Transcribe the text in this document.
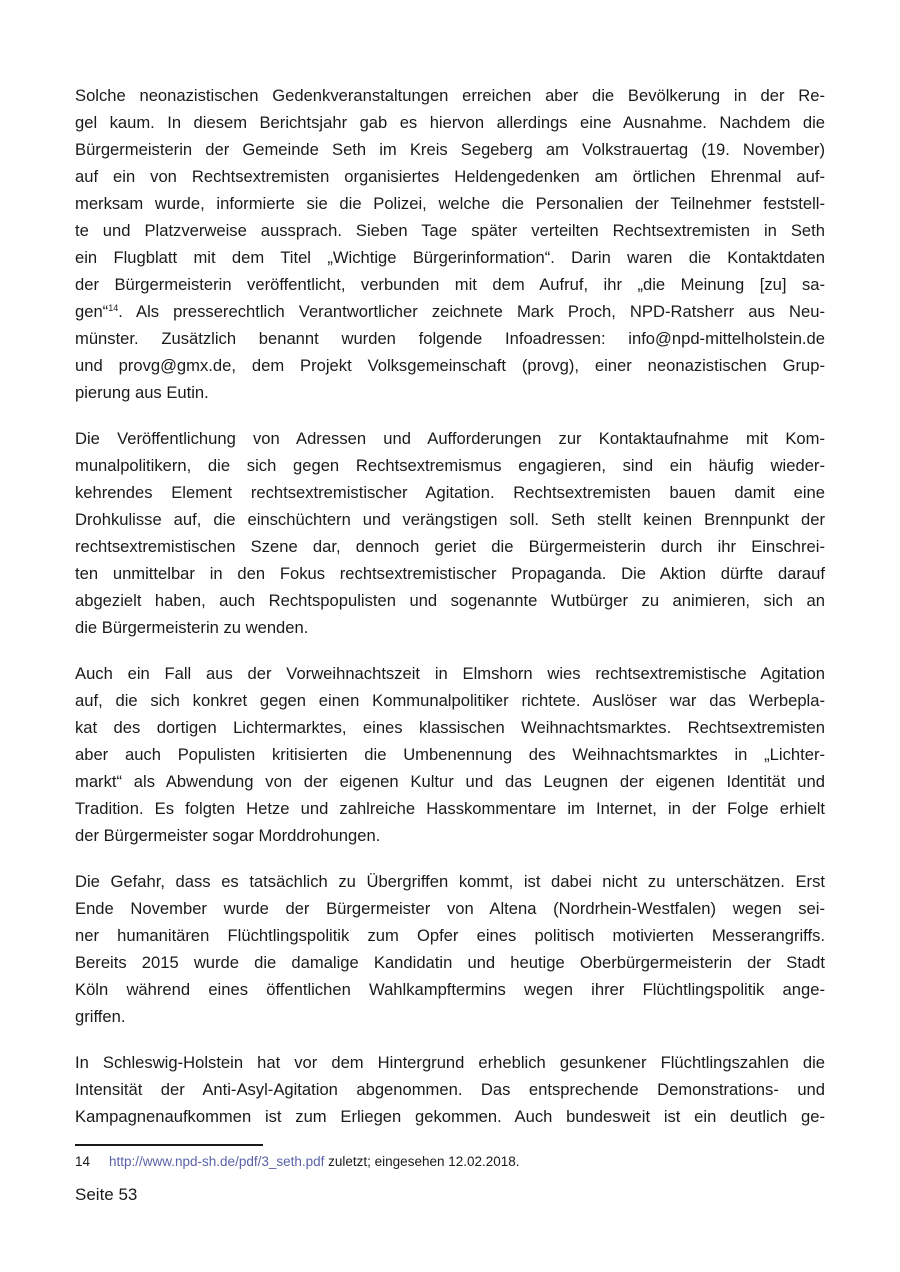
Solche neonazistischen Gedenkveranstaltungen erreichen aber die Bevölkerung in der Re-
gel kaum. In diesem Berichtsjahr gab es hiervon allerdings eine Ausnahme. Nachdem die
Bürgermeisterin der Gemeinde Seth im Kreis Segeberg am Volkstrauertag (19. November)
auf ein von Rechtsextremisten organisiertes Heldengedenken am örtlichen Ehrenmal auf-
merksam wurde, informierte sie die Polizei, welche die Personalien der Teilnehmer feststell-
te und Platzverweise aussprach. Sieben Tage später verteilten Rechtsextremisten in Seth
ein Flugblatt mit dem Titel „Wichtige Bürgerinformation“. Darin waren die Kontaktdaten
der Bürgermeisterin veröffentlicht, verbunden mit dem Aufruf, ihr „die Meinung [zu] sa-
gen“$^{14}$. Als presserechtlich Verantwortlicher zeichnete Mark Proch, NPD-Ratsherr aus Neu-
münster. Zusätzlich benannt wurden folgende Infoadressen: info@npd-mittelholstein.de
und provg@gmx.de, dem Projekt Volksgemeinschaft (provg), einer neonazistischen Grup-
pierung aus Eutin.
Die Veröffentlichung von Adressen und Aufforderungen zur Kontaktaufnahme mit Kom-
munalpolitikern, die sich gegen Rechtsextremismus engagieren, sind ein häufig wieder-
kehrendes Element rechtsextremistischer Agitation. Rechtsextremisten bauen damit eine
Drohkulisse auf, die einschüchtern und verängstigen soll. Seth stellt keinen Brennpunkt der
rechtsextremistischen Szene dar, dennoch geriet die Bürgermeisterin durch ihr Einschrei-
ten unmittelbar in den Fokus rechtsextremistischer Propaganda. Die Aktion dürfte darauf
abgezielt haben, auch Rechtspopulisten und sogenannte Wutbürger zu animieren, sich an
die Bürgermeisterin zu wenden.
Auch ein Fall aus der Vorweihnachtszeit in Elmshorn wies rechtsextremistische Agitation
auf, die sich konkret gegen einen Kommunalpolitiker richtete. Auslöser war das Werbepla-
kat des dortigen Lichtermarktes, eines klassischen Weihnachtsmarktes. Rechtsextremisten
aber auch Populisten kritisierten die Umbenennung des Weihnachtsmarktes in „Lichter-
markt“ als Abwendung von der eigenen Kultur und das Leugnen der eigenen Identität und
Tradition. Es folgten Hetze und zahlreiche Hasskommentare im Internet, in der Folge erhielt
der Bürgermeister sogar Morddrohungen.
Die Gefahr, dass es tatsächlich zu Übergriffen kommt, ist dabei nicht zu unterschätzen. Erst
Ende November wurde der Bürgermeister von Altena (Nordrhein-Westfalen) wegen sei-
ner humanitären Flüchtlingspolitik zum Opfer eines politisch motivierten Messerangriffs.
Bereits 2015 wurde die damalige Kandidatin und heutige Oberbürgermeisterin der Stadt
Köln während eines öffentlichen Wahlkampftermins wegen ihrer Flüchtlingspolitik ange-
griffen.
In Schleswig-Holstein hat vor dem Hintergrund erheblich gesunkener Flüchtlingszahlen die
Intensität der Anti-Asyl-Agitation abgenommen. Das entsprechende Demonstrations- und
Kampagnenaufkommen ist zum Erliegen gekommen. Auch bundesweit ist ein deutlich ge-
14 http://www.npd-sh.de/pdf/3_seth.pdf zuletzt; eingesehen 12.02.2018.
Seite 53
